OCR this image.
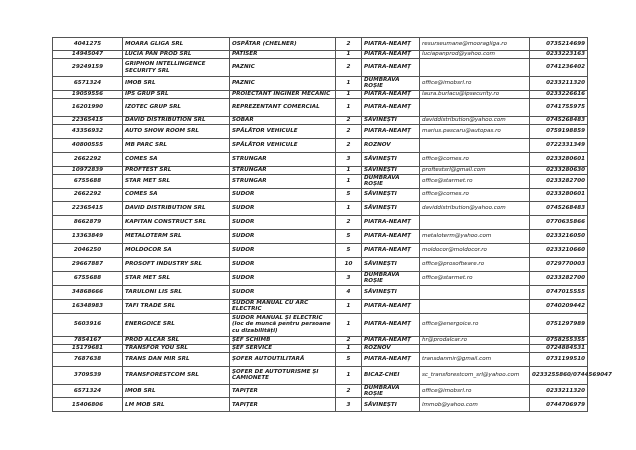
4041275	MOARA GLIGA SRL	OSPĂTAR (CHELNER)	2	PIATRA-NEAMȚ	resurseumane@mooragliga.ro	0735214699
14945047	LUCIA PAN PROD SRL	PATISER	1	PIATRA-NEAMȚ	luciapanprod@yahoo.com	0233223163
29249159	GRIPHON INTELLINGENCE SECURITY SRL	PAZNIC	2	PIATRA-NEAMȚ		0741236402
6571324	IMOB SRL	PAZNIC	1	DUMBRAVA ROȘIE	office@imobsrl.ro	0233211320
19059556	IPS GRUP SRL	PROIECTANT INGINER MECANIC	1	PIATRA-NEAMȚ	laura.burlacu@ipsecurity.ro	0233226616
16201990	IZOTEC GRUP SRL	REPREZENTANT COMERCIAL	1	PIATRA-NEAMȚ		0741755975
22365415	DAVID DISTRIBUTION SRL	SOBAR	2	SĂVINEȘTI	daviddistribution@yahoo.com	0745268483
43356932	AUTO SHOW ROOM SRL	SPĂLĂTOR VEHICULE	2	PIATRA-NEAMȚ	marius.pascaru@autopas.ro	0759198859
40800555	MB PARC SRL	SPĂLĂTOR VEHICULE	2	ROZNOV		0722331349
2662292	COMES SA	STRUNGAR	3	SĂVINEȘTI	office@comes.ro	0233280601
10972839	PROFTEST SRL	STRUNGAR	1	SĂVINEȘTI	proftestsrl@gmail.com	0233280630
6755688	STAR MET SRL	STRUNGAR	1	DUMBRAVA ROȘIE	office@starmet.ro	0233282700
2662292	COMES SA	SUDOR	5	SĂVINEȘTI	office@comes.ro	0233280601
22365415	DAVID DISTRIBUTION SRL	SUDOR	1	SĂVINEȘTI	daviddistribution@yahoo.com	0745268483
8662879	KAPITAN CONSTRUCT SRL	SUDOR	2	PIATRA-NEAMȚ		0770635866
13363849	METALOTERM SRL	SUDOR	5	PIATRA-NEAMȚ	metaloterm@yahoo.com	0233216050
2046250	MOLDOCOR SA	SUDOR	5	PIATRA-NEAMȚ	moldocor@moldocor.ro	0233210660
29667887	PROSOFT INDUSTRY SRL	SUDOR	10	SĂVINEȘTI	office@prosoftware.ro	0729770003
6755688	STAR MET SRL	SUDOR	3	DUMBRAVA ROȘIE	office@starmet.ro	0233282700
34868666	TARULONI LIS SRL	SUDOR	4	SĂVINEȘTI		0747015555
16348983	TAFI TRADE SRL	SUDOR MANUAL CU ARC ELECTRIC	1	PIATRA-NEAMȚ		0740209442
5603916	ENERGOICE SRL	SUDOR MANUAL ȘI ELECTRIC (loc de muncă pentru persoane cu dizabilități)	1	PIATRA-NEAMȚ	office@energoice.ro	0751297989
7854167	PROD ALCAR SRL	ȘEF SCHIMB	2	PIATRA-NEAMȚ	hr@prodalcar.ro	0758255355
15179681	TRANSFOR YOU SRL	ȘEF SERVICE	1	ROZNOV		0724884531
7687638	TRANS DAN MIR SRL	ȘOFER AUTOUTILITARĂ	5	PIATRA-NEAMȚ	transdanmir@gmail.com	0731199510
3709539	TRANSFORESTCOM SRL	ȘOFER DE AUTOTURISME ȘI CAMIONETE	1	BICAZ-CHEI	sc_transforestcom_srl@yahoo.com	0233255860/0744569047
6571324	IMOB SRL	TAPIȚER	2	DUMBRAVA ROȘIE	office@imobsrl.ro	0233211320
15406806	LM MOB SRL	TAPIȚER	3	SĂVINEȘTI	lmmob@yahoo.com	0744706979
